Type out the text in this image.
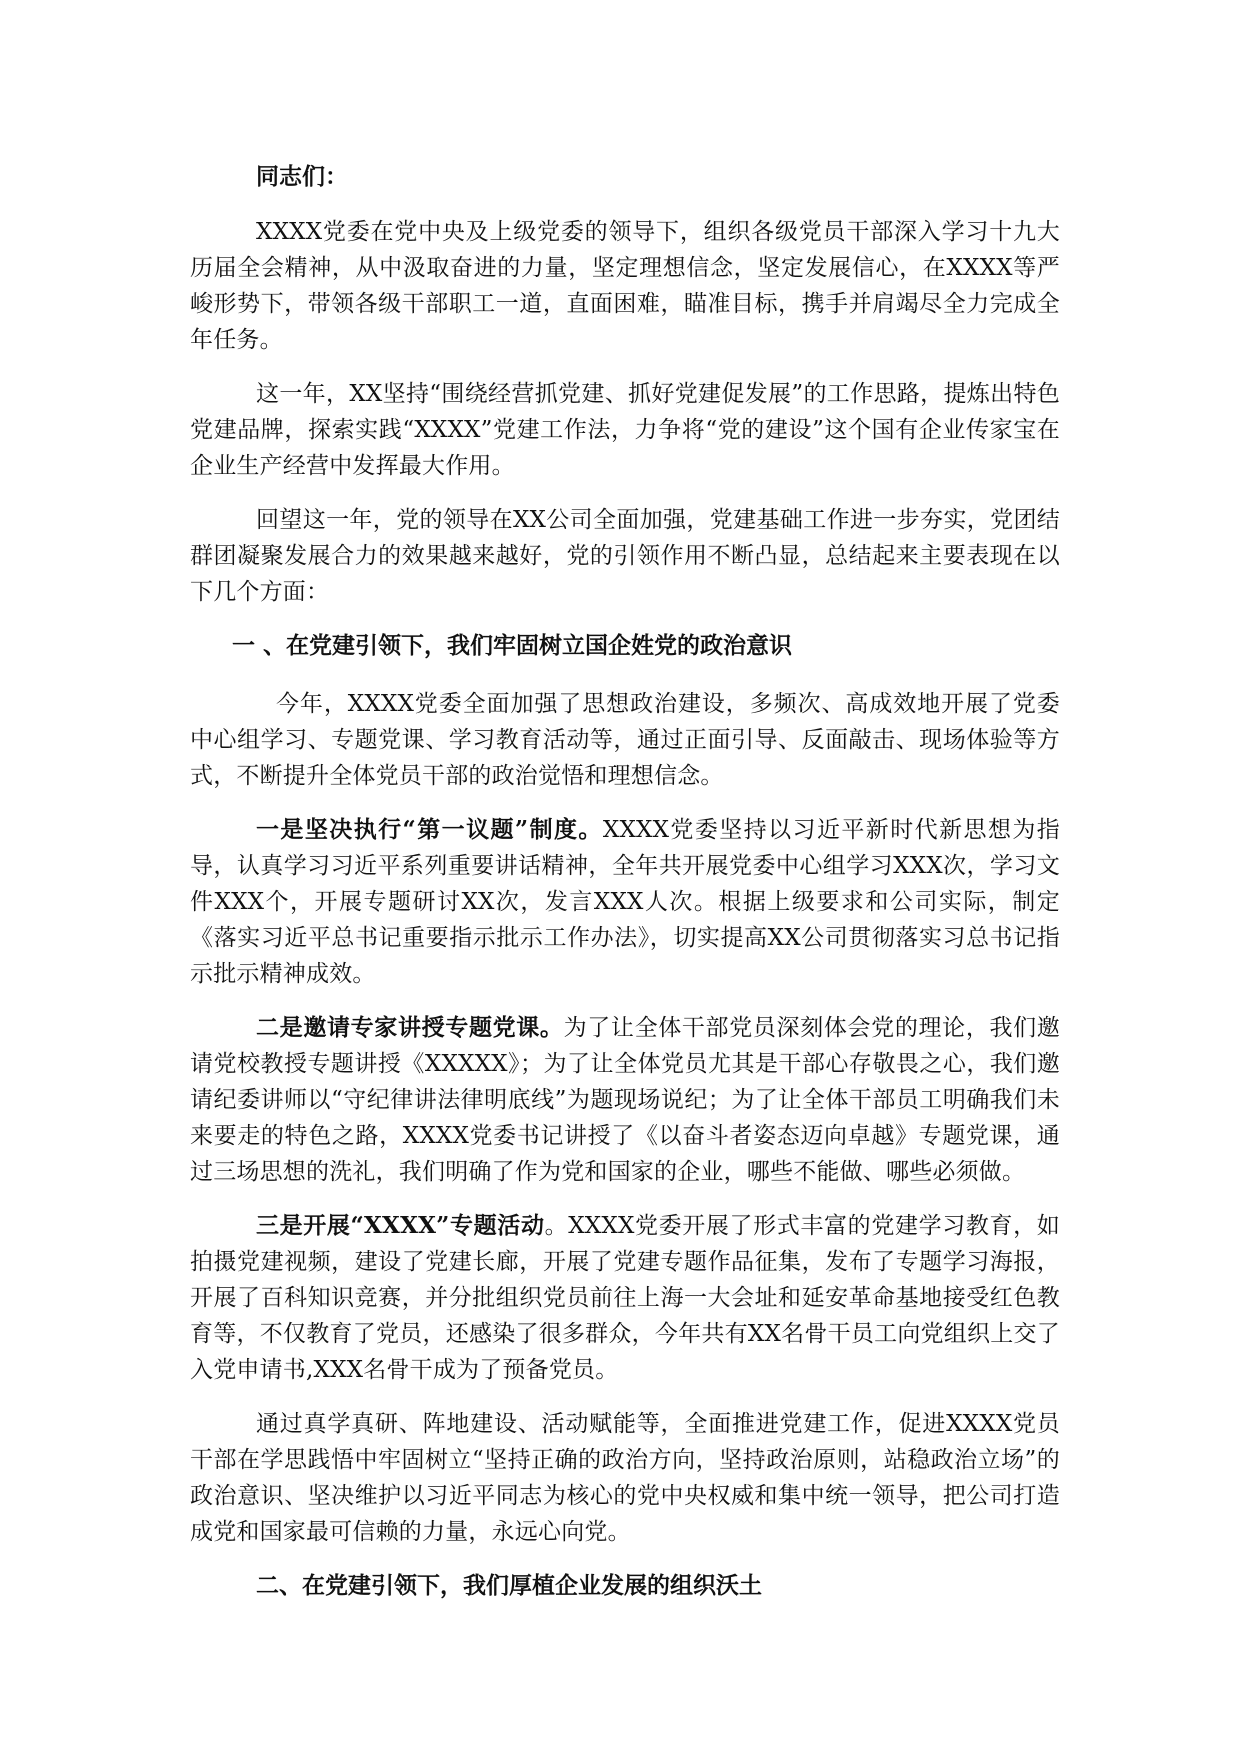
同志们：

XXXX党委在党中央及上级党委的领导下，组织各级党员干部深入学习十九大历届全会精神，从中汲取奋进的力量，坚定理想信念，坚定发展信心，在XXXX等严峻形势下，带领各级干部职工一道，直面困难，瞄准目标，携手并肩竭尽全力完成全年任务。

这一年，XX坚持“围绕经营抓党建、抓好党建促发展”的工作思路，提炼出特色党建品牌，探索实践“XXXX”党建工作法，力争将“党的建设”这个国有企业传家宝在企业生产经营中发挥最大作用。

回望这一年，党的领导在XX公司全面加强，党建基础工作进一步夯实，党团结群团凝聚发展合力的效果越来越好，党的引领作用不断凸显，总结起来主要表现在以下几个方面：

一 、在党建引领下，我们牢固树立国企姓党的政治意识

今年，XXXX党委全面加强了思想政治建设，多频次、高成效地开展了党委中心组学习、专题党课、学习教育活动等，通过正面引导、反面敲击、现场体验等方式，不断提升全体党员干部的政治觉悟和理想信念。

一是坚决执行“第一议题”制度。XXXX党委坚持以习近平新时代新思想为指导，认真学习习近平系列重要讲话精神，全年共开展党委中心组学习XXX次，学习文件XXX个，开展专题研讨XX次，发言XXX人次。根据上级要求和公司实际，制定《落实习近平总书记重要指示批示工作办法》，切实提高XX公司贯彻落实习总书记指示批示精神成效。

二是邀请专家讲授专题党课。为了让全体干部党员深刻体会党的理论，我们邀请党校教授专题讲授《XXXXX》；为了让全体党员尤其是干部心存敬畏之心，我们邀请纪委讲师以“守纪律讲法律明底线”为题现场说纪；为了让全体干部员工明确我们未来要走的特色之路，XXXX党委书记讲授了《以奋斗者姿态迈向卓越》专题党课，通过三场思想的洗礼，我们明确了作为党和国家的企业，哪些不能做、哪些必须做。

三是开展“XXXX”专题活动。XXXX党委开展了形式丰富的党建学习教育，如拍摄党建视频，建设了党建长廊，开展了党建专题作品征集，发布了专题学习海报，开展了百科知识竞赛，并分批组织党员前往上海一大会址和延安革命基地接受红色教育等，不仅教育了党员，还感染了很多群众，今年共有XX名骨干员工向党组织上交了入党申请书,XXX名骨干成为了预备党员。

通过真学真研、阵地建设、活动赋能等，全面推进党建工作，促进XXXX党员干部在学思践悟中牢固树立“坚持正确的政治方向，坚持政治原则，站稳政治立场”的政治意识、坚决维护以习近平同志为核心的党中央权威和集中统一领导，把公司打造成党和国家最可信赖的力量，永远心向党。

二、在党建引领下，我们厚植企业发展的组织沃土
